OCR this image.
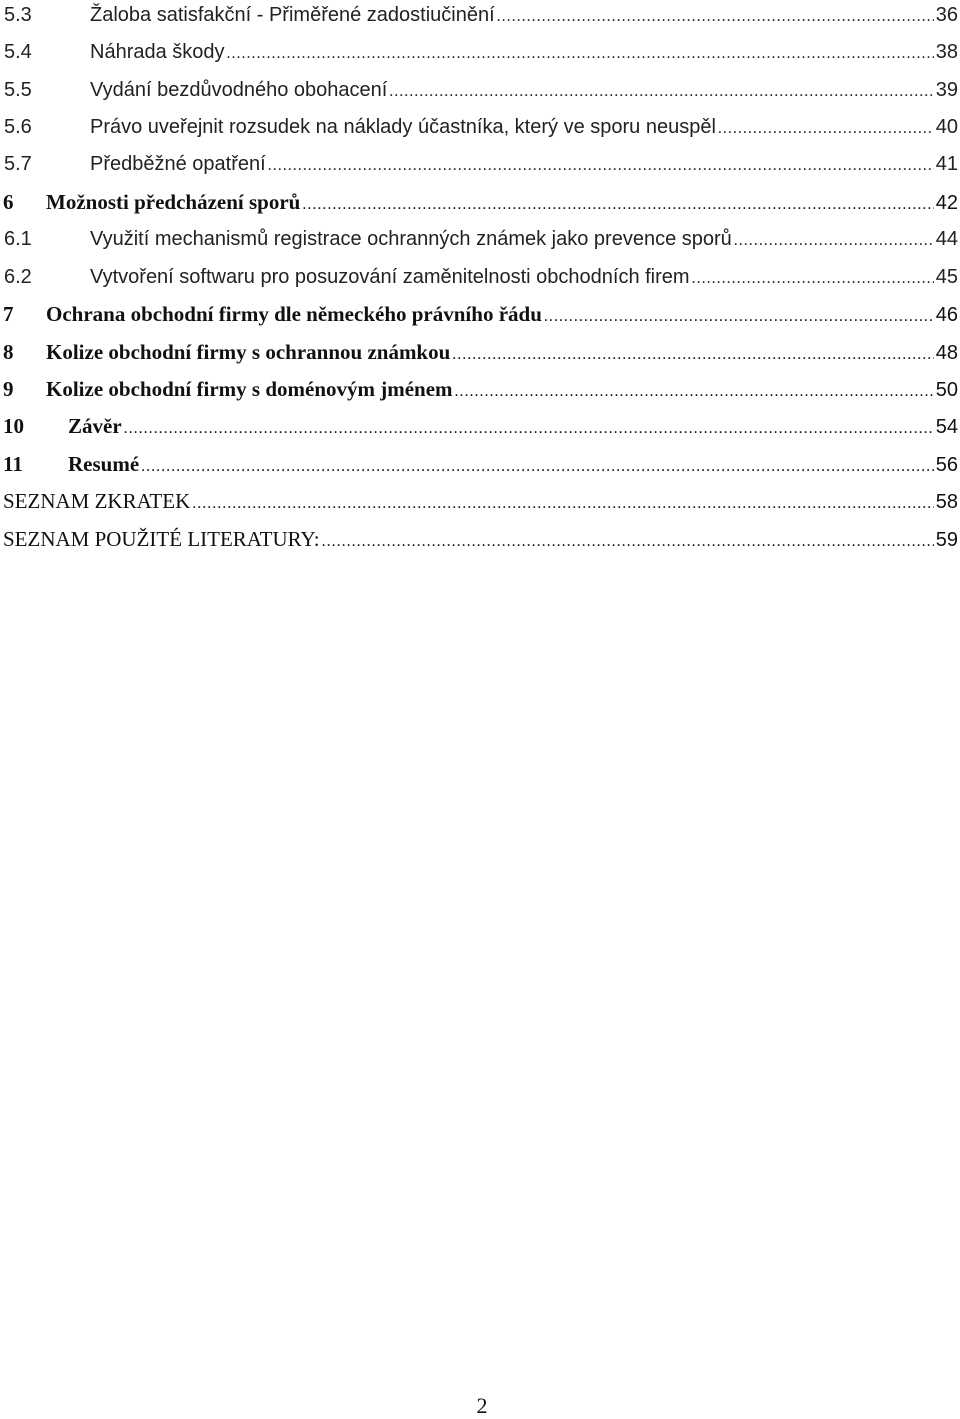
5.3	Žaloba satisfakční - Přiměřené zadostiučinění .....	36
5.4	Náhrada škody .....	38
5.5	Vydání bezdůvodného obohacení .....	39
5.6	Právo uveřejnit rozsudek na náklady účastníka, který ve sporu neuspěl .....	40
5.7	Předběžné opatření .....	41
6	Možnosti předcházení sporů .....	42
6.1	Využití mechanismů registrace ochranných známek jako prevence sporů .....	44
6.2	Vytvoření softwaru pro posuzování zaměnitelnosti obchodních firem .....	45
7	Ochrana obchodní firmy dle německého právního řádu .....	46
8	Kolize obchodní firmy s ochrannou známkou .....	48
9	Kolize obchodní firmy s doménovým jménem .....	50
10	Závěr .....	54
11	Resumé .....	56
SEZNAM ZKRATEK .....	58
SEZNAM POUŽITÉ LITERATURY: .....	59
2
